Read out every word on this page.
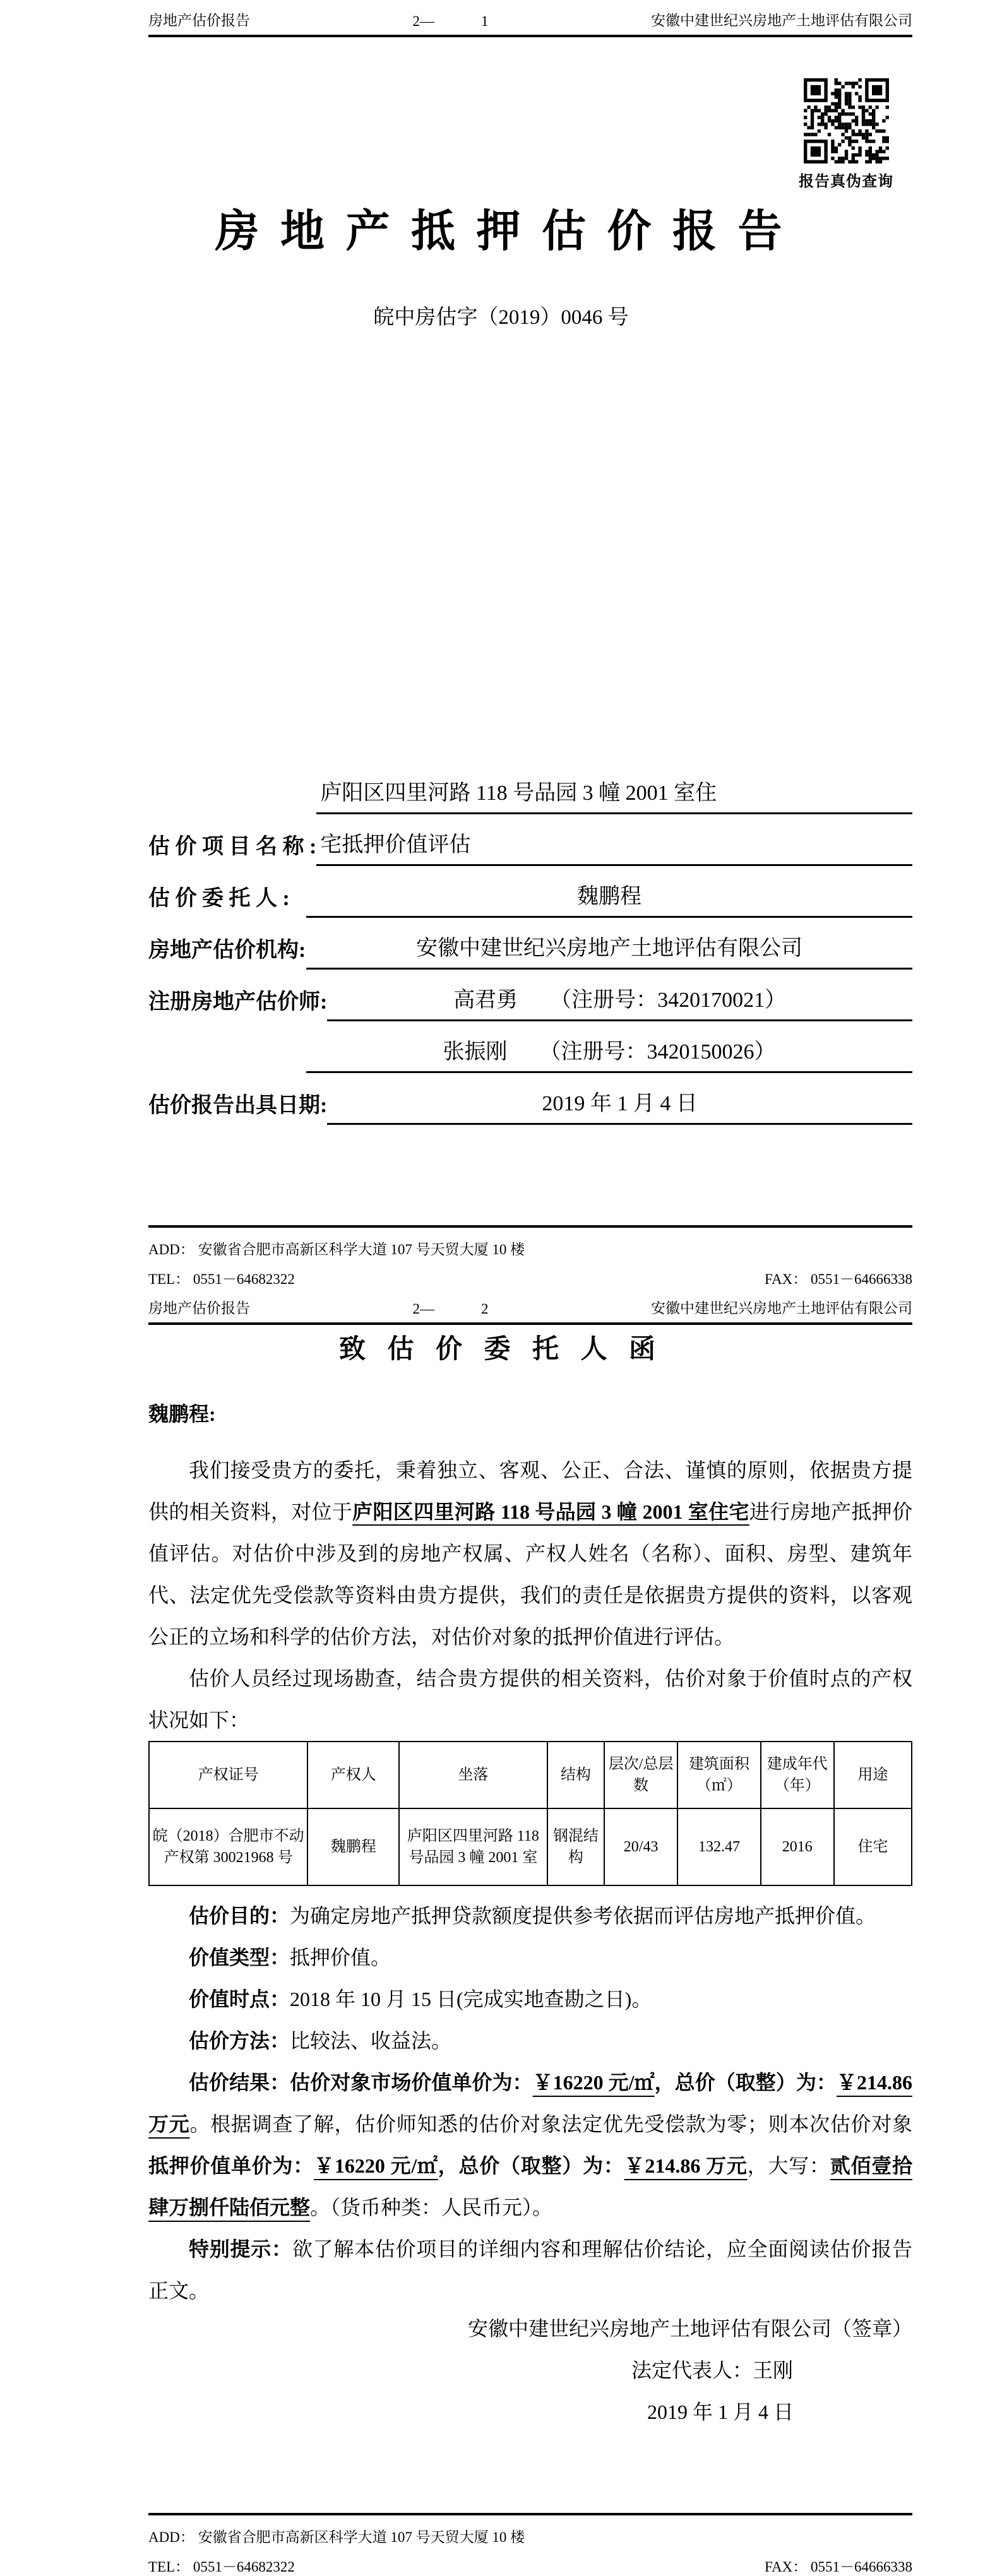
房地产估价报告	2—	1	安徽中建世纪兴房地产土地评估有限公司
报告真伪查询
房 地 产 抵 押 估 价 报 告
皖中房估字（2019）0046 号
估 价 项 目 名 称 :
庐阳区四里河路 118 号品园 3 幢 2001 室住
宅抵押价值评估
估 价 委 托 人 :	魏鹏程
房地产估价机构:	安徽中建世纪兴房地产土地评估有限公司
注册房地产估价师:	高君勇　　（注册号：3420170021）
张振刚　　（注册号：3420150026）
估价报告出具日期:	2019 年 1 月 4 日
ADD： 安徽省合肥市高新区科学大道 107 号天贸大厦 10 楼
TEL： 0551－64682322	FAX： 0551－64666338
房地产估价报告	2—	2	安徽中建世纪兴房地产土地评估有限公司
致 估 价 委 托 人 函
魏鹏程:

我们接受贵方的委托，秉着独立、客观、公正、合法、谨慎的原则，依据贵方提供的相关资料，对位于庐阳区四里河路 118 号品园 3 幢 2001 室住宅进行房地产抵押价值评估。对估价中涉及到的房地产权属、产权人姓名（名称）、面积、房型、建筑年代、法定优先受偿款等资料由贵方提供，我们的责任是依据贵方提供的资料，以客观公正的立场和科学的估价方法，对估价对象的抵押价值进行评估。

估价人员经过现场勘查，结合贵方提供的相关资料，估价对象于价值时点的产权状况如下：

产权证号	产权人	坐落	结构	层次/总层数	建筑面积（㎡）	建成年代（年）	用途
皖（2018）合肥市不动产权第 30021968 号	魏鹏程	庐阳区四里河路 118 号品园 3 幢 2001 室	钢混结构	20/43	132.47	2016	住宅

估价目的：为确定房地产抵押贷款额度提供参考依据而评估房地产抵押价值。

价值类型：抵押价值。

价值时点：2018 年 10 月 15 日(完成实地查勘之日)。

估价方法：比较法、收益法。

估价结果：估价对象市场价值单价为：￥16220 元/㎡，总价（取整）为：￥214.86万元。根据调查了解，估价师知悉的估价对象法定优先受偿款为零；则本次估价对象抵押价值单价为：￥16220 元/㎡，总价（取整）为：￥214.86 万元，大写：贰佰壹拾肆万捌仟陆佰元整。（货币种类：人民币元）。

特别提示：欲了解本估价项目的详细内容和理解估价结论，应全面阅读估价报告正文。

安徽中建世纪兴房地产土地评估有限公司（签章）
法定代表人：王刚
2019 年 1 月 4 日
ADD： 安徽省合肥市高新区科学大道 107 号天贸大厦 10 楼
TEL： 0551－64682322	FAX： 0551－64666338
